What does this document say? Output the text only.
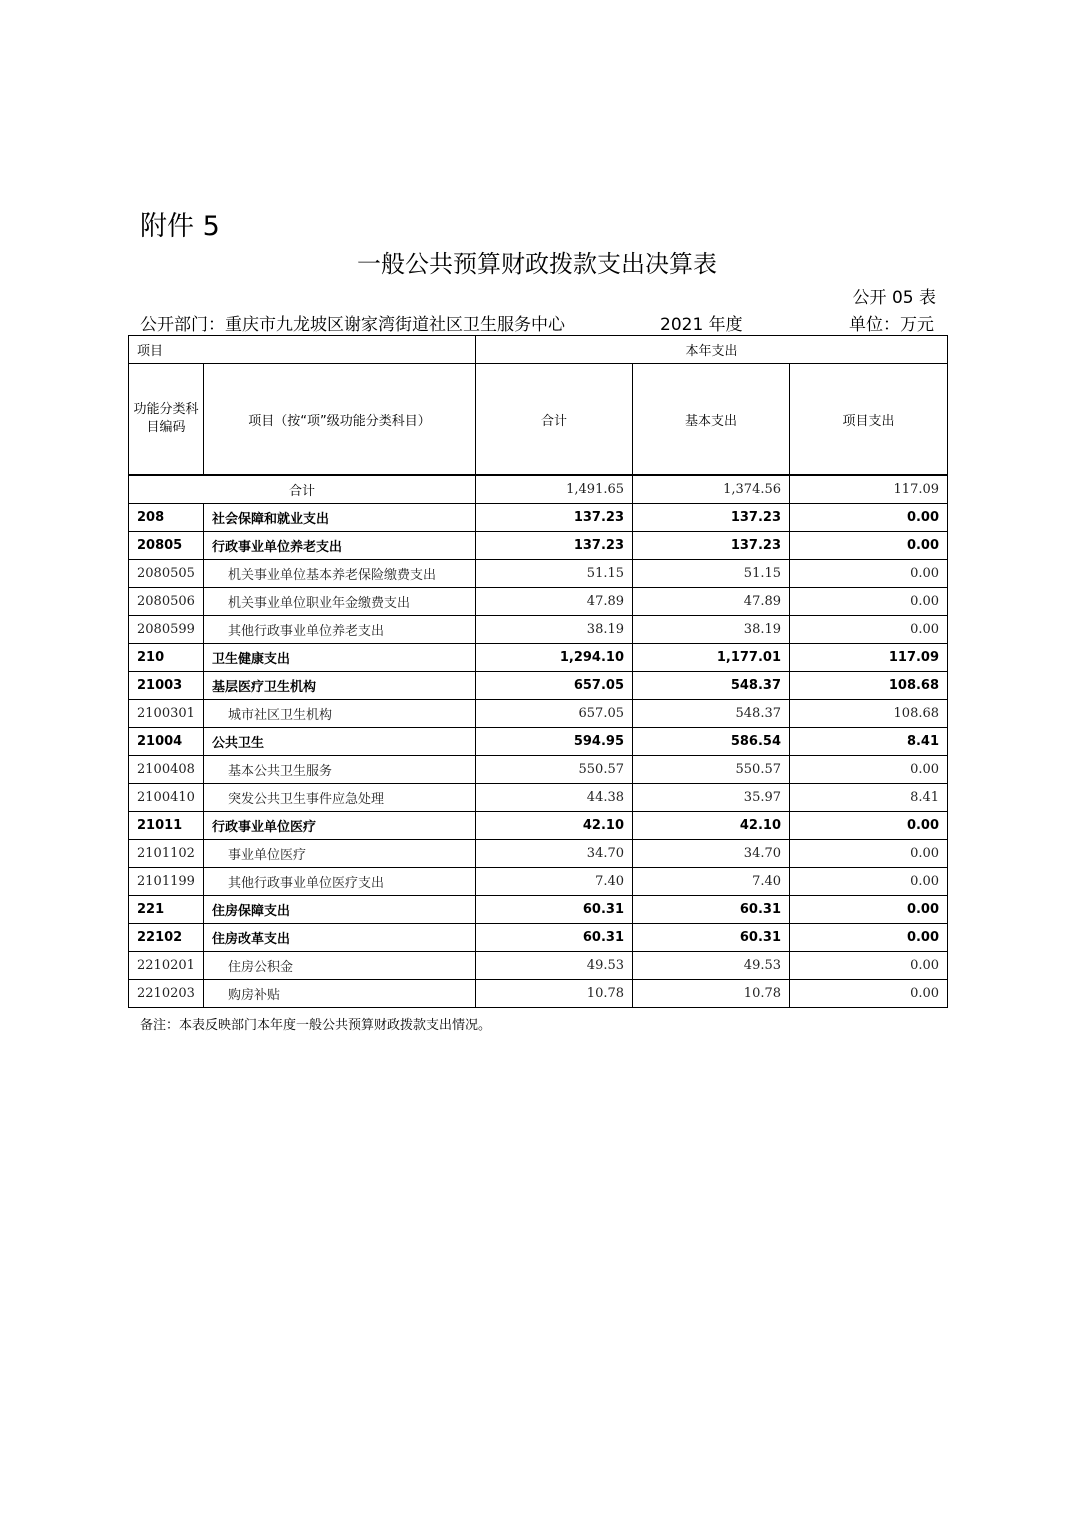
附件 5
一般公共预算财政拨款支出决算表
公开 05 表
公开部门：重庆市九龙坡区谢家湾街道社区卫生服务中心	2021 年度	单位：万元
项目		本年支出		
功能分类科目编码	项目（按“项”级功能分类科目）	合计	基本支出	项目支出
合计		1,491.65	1,374.56	117.09
208	社会保障和就业支出	137.23	137.23	0.00
20805	行政事业单位养老支出	137.23	137.23	0.00
2080505	机关事业单位基本养老保险缴费支出	51.15	51.15	0.00
2080506	机关事业单位职业年金缴费支出	47.89	47.89	0.00
2080599	其他行政事业单位养老支出	38.19	38.19	0.00
210	卫生健康支出	1,294.10	1,177.01	117.09
21003	基层医疗卫生机构	657.05	548.37	108.68
2100301	城市社区卫生机构	657.05	548.37	108.68
21004	公共卫生	594.95	586.54	8.41
2100408	基本公共卫生服务	550.57	550.57	0.00
2100410	突发公共卫生事件应急处理	44.38	35.97	8.41
21011	行政事业单位医疗	42.10	42.10	0.00
2101102	事业单位医疗	34.70	34.70	0.00
2101199	其他行政事业单位医疗支出	7.40	7.40	0.00
221	住房保障支出	60.31	60.31	0.00
22102	住房改革支出	60.31	60.31	0.00
2210201	住房公积金	49.53	49.53	0.00
2210203	购房补贴	10.78	10.78	0.00
备注：本表反映部门本年度一般公共预算财政拨款支出情况。
